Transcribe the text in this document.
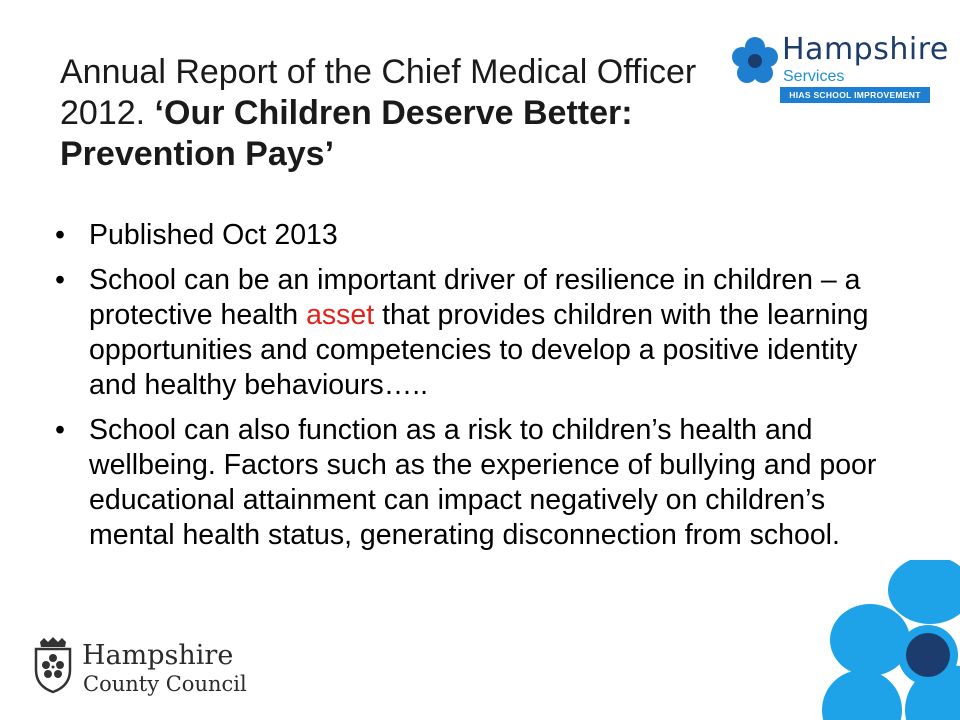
Annual Report of the Chief Medical Officer 2012. ‘Our Children Deserve Better: Prevention Pays’
• Published Oct 2013
• School can be an important driver of resilience in children – a protective health asset that provides children with the learning opportunities and competencies to develop a positive identity and healthy behaviours…..
• School can also function as a risk to children’s health and wellbeing. Factors such as the experience of bullying and poor educational attainment can impact negatively on children’s mental health status, generating disconnection from school.
Hampshire
Services
HIAS SCHOOL IMPROVEMENT
Hampshire
County Council
